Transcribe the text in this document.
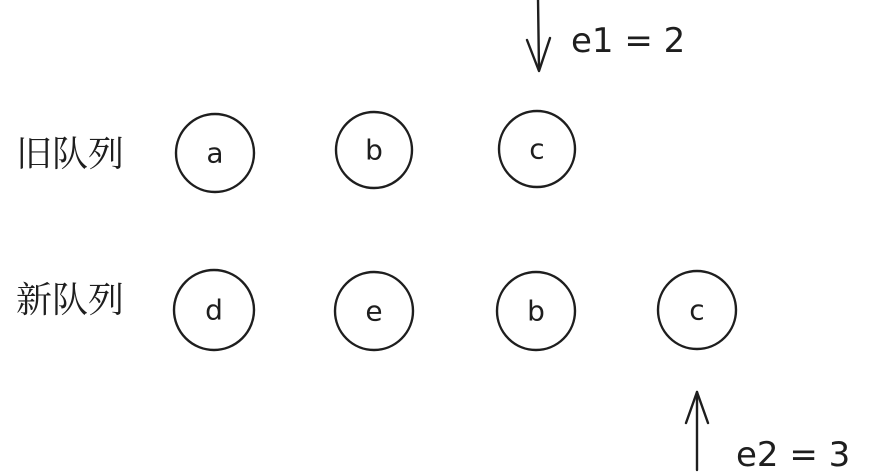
e1 = 2
旧队列	a	b	c
新队列	d	e	b	c
e2 = 3
